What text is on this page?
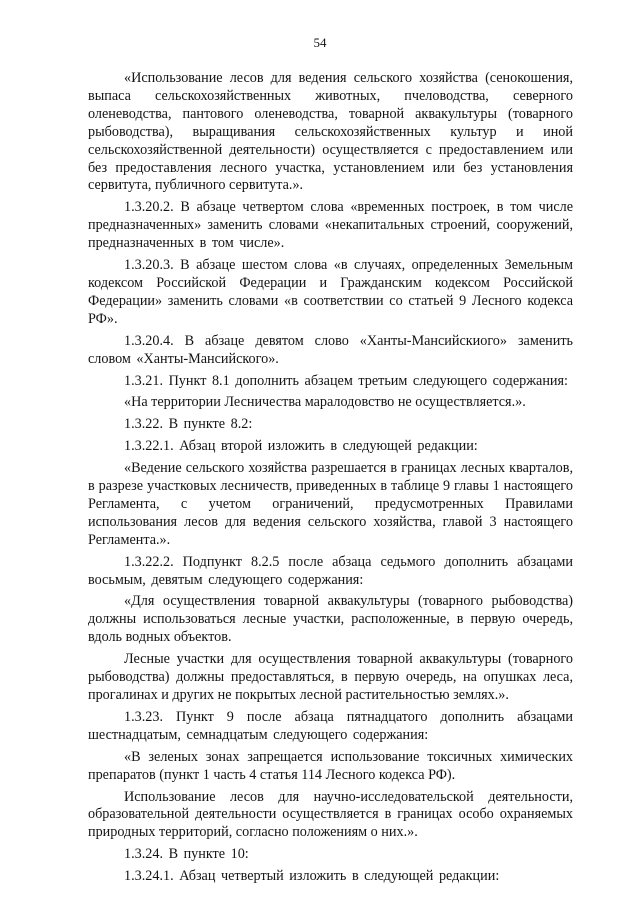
54

«Использование лесов для ведения сельского хозяйства (сенокошения, выпаса сельскохозяйственных животных, пчеловодства, северного оленеводства, пантового оленеводства, товарной аквакультуры (товарного рыбоводства), выращивания сельскохозяйственных культур и иной сельскохозяйственной деятельности) осуществляется с предоставлением или без предоставления лесного участка, установлением или без установления сервитута, публичного сервитута.».

1.3.20.2. В абзаце четвертом слова «временных построек, в том числе предназначенных» заменить словами «некапитальных строений, сооружений, предназначенных в том числе».

1.3.20.3. В абзаце шестом слова «в случаях, определенных Земельным кодексом Российской Федерации и Гражданским кодексом Российской Федерации» заменить словами «в соответствии со статьей 9 Лесного кодекса РФ».

1.3.20.4. В абзаце девятом слово «Ханты-Мансийскиого» заменить словом «Ханты-Мансийского».

1.3.21. Пункт 8.1 дополнить абзацем третьим следующего содержания:

«На территории Лесничества маралодовство не осуществляется.».

1.3.22. В пункте 8.2:

1.3.22.1. Абзац второй изложить в следующей редакции:

«Ведение сельского хозяйства разрешается в границах лесных кварталов, в разрезе участковых лесничеств, приведенных в таблице 9 главы 1 настоящего Регламента, с учетом ограничений, предусмотренных Правилами использования лесов для ведения сельского хозяйства, главой 3 настоящего Регламента.».

1.3.22.2. Подпункт 8.2.5 после абзаца седьмого дополнить абзацами восьмым, девятым следующего содержания:

«Для осуществления товарной аквакультуры (товарного рыбоводства) должны использоваться лесные участки, расположенные, в первую очередь, вдоль водных объектов.

Лесные участки для осуществления товарной аквакультуры (товарного рыбоводства) должны предоставляться, в первую очередь, на опушках леса, прогалинах и других не покрытых лесной растительностью землях.».

1.3.23. Пункт 9 после абзаца пятнадцатого дополнить абзацами шестнадцатым, семнадцатым следующего содержания:

«В зеленых зонах запрещается использование токсичных химических препаратов (пункт 1 часть 4 статья 114 Лесного кодекса РФ).

Использование лесов для научно-исследовательской деятельности, образовательной деятельности осуществляется в границах особо охраняемых природных территорий, согласно положениям о них.».

1.3.24. В пункте 10:

1.3.24.1. Абзац четвертый изложить в следующей редакции:
